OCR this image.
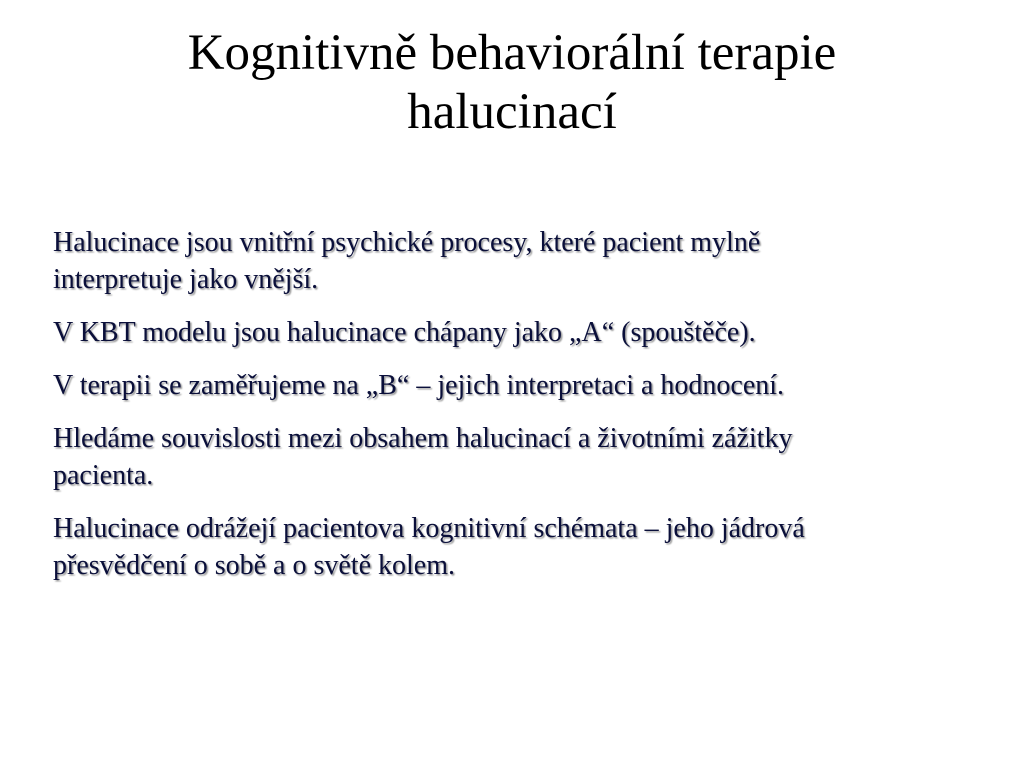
Kognitivně behaviorální terapie
halucinací
Halucinace jsou vnitřní psychické procesy, které pacient mylně
interpretuje jako vnější.
V KBT modelu jsou halucinace chápany jako „A“ (spouštěče).
V terapii se zaměřujeme na „B“ – jejich interpretaci a hodnocení.
Hledáme souvislosti mezi obsahem halucinací a životními zážitky
pacienta.
Halucinace odrážejí pacientova kognitivní schémata – jeho jádrová
přesvědčení o sobě a o světě kolem.
